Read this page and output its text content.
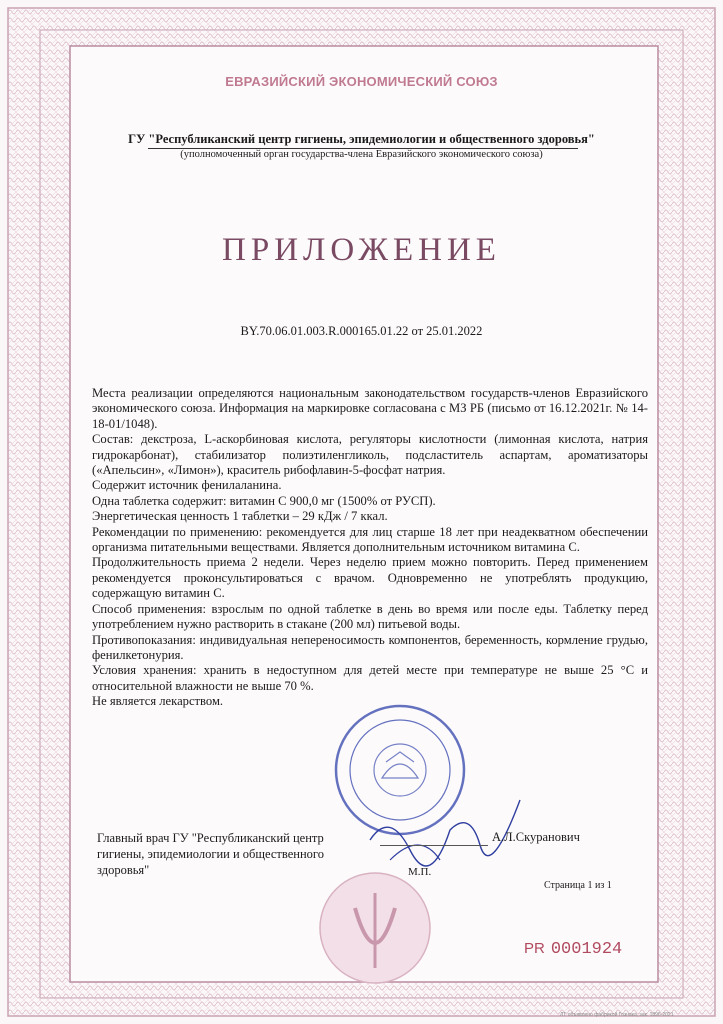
ЕВРАЗИЙСКИЙ ЭКОНОМИЧЕСКИЙ СОЮЗ
ГУ "Республиканский центр гигиены, эпидемиологии и общественного здоровья"
(уполномоченный орган государства-члена Евразийского экономического союза)
ПРИЛОЖЕНИЕ
BY.70.06.01.003.R.000165.01.22 от 25.01.2022

Места реализации определяются национальным законодательством государств-членов Евразийского экономического союза. Информация на маркировке согласована с МЗ РБ (письмо от 16.12.2021г. № 14-18-01/1048).

Состав: декстроза, L-аскорбиновая кислота, регуляторы кислотности (лимонная кислота, натрия гидрокарбонат), стабилизатор полиэтиленгликоль, подсластитель аспартам, ароматизаторы («Апельсин», «Лимон»), краситель рибофлавин-5-фосфат натрия.

Содержит источник фенилаланина.

Одна таблетка содержит: витамин С 900,0 мг (1500% от РУСП).

Энергетическая ценность 1 таблетки – 29 кДж / 7 ккал.

Рекомендации по применению: рекомендуется для лиц старше 18 лет при неадекватном обеспечении организма питательными веществами. Является дополнительным источником витамина С.

Продолжительность приема 2 недели. Через неделю прием можно повторить. Перед применением рекомендуется проконсультироваться с врачом. Одновременно не употреблять продукцию, содержащую витамин С.

Способ применения: взрослым по одной таблетке в день во время или после еды. Таблетку перед употреблением нужно растворить в стакане (200 мл) питьевой воды.

Противопоказания: индивидуальная непереносимость компонентов, беременность, кормление грудью, фенилкетонурия.

Условия хранения: хранить в недоступном для детей месте при температуре не выше 25 °С и относительной влажности не выше 70 %.

Не является лекарством.

Главный врач ГУ "Республиканский центр гигиены, эпидемиологии и общественного здоровья"
А.Л.Скуранович
М.П.
Страница 1 из 1
PR 0001924
ЛТ объявлено фабрикой Гознака, зак. 1896-2021
